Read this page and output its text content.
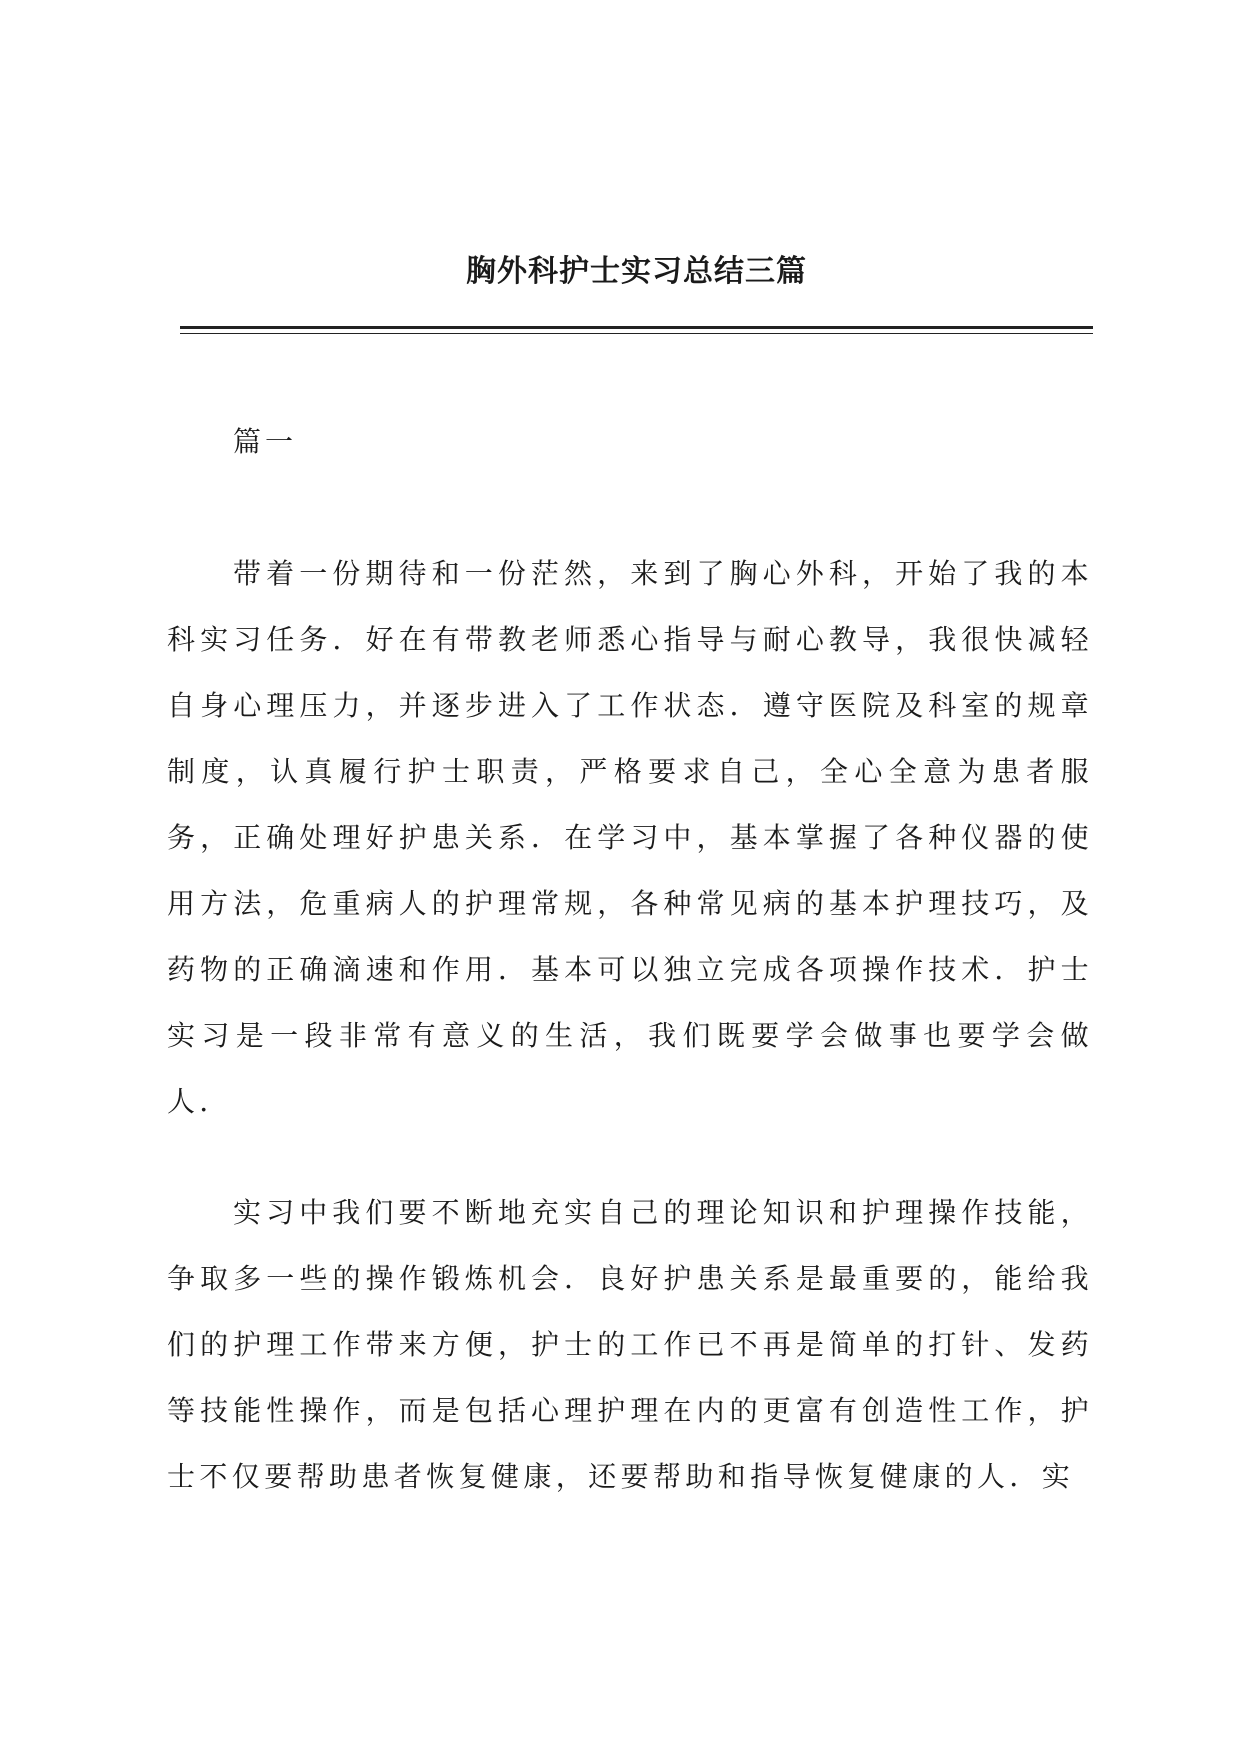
胸外科护士实习总结三篇

篇一

带着一份期待和一份茫然，来到了胸心外科，开始了我的本科实习任务．好在有带教老师悉心指导与耐心教导，我很快减轻自身心理压力，并逐步进入了工作状态．遵守医院及科室的规章制度，认真履行护士职责，严格要求自己，全心全意为患者服务，正确处理好护患关系．在学习中，基本掌握了各种仪器的使用方法，危重病人的护理常规，各种常见病的基本护理技巧，及药物的正确滴速和作用．基本可以独立完成各项操作技术．护士实习是一段非常有意义的生活，我们既要学会做事也要学会做人．

实习中我们要不断地充实自己的理论知识和护理操作技能，争取多一些的操作锻炼机会．良好护患关系是最重要的，能给我们的护理工作带来方便，护士的工作已不再是简单的打针、发药等技能性操作，而是包括心理护理在内的更富有创造性工作，护士不仅要帮助患者恢复健康，还要帮助和指导恢复健康的人．实
